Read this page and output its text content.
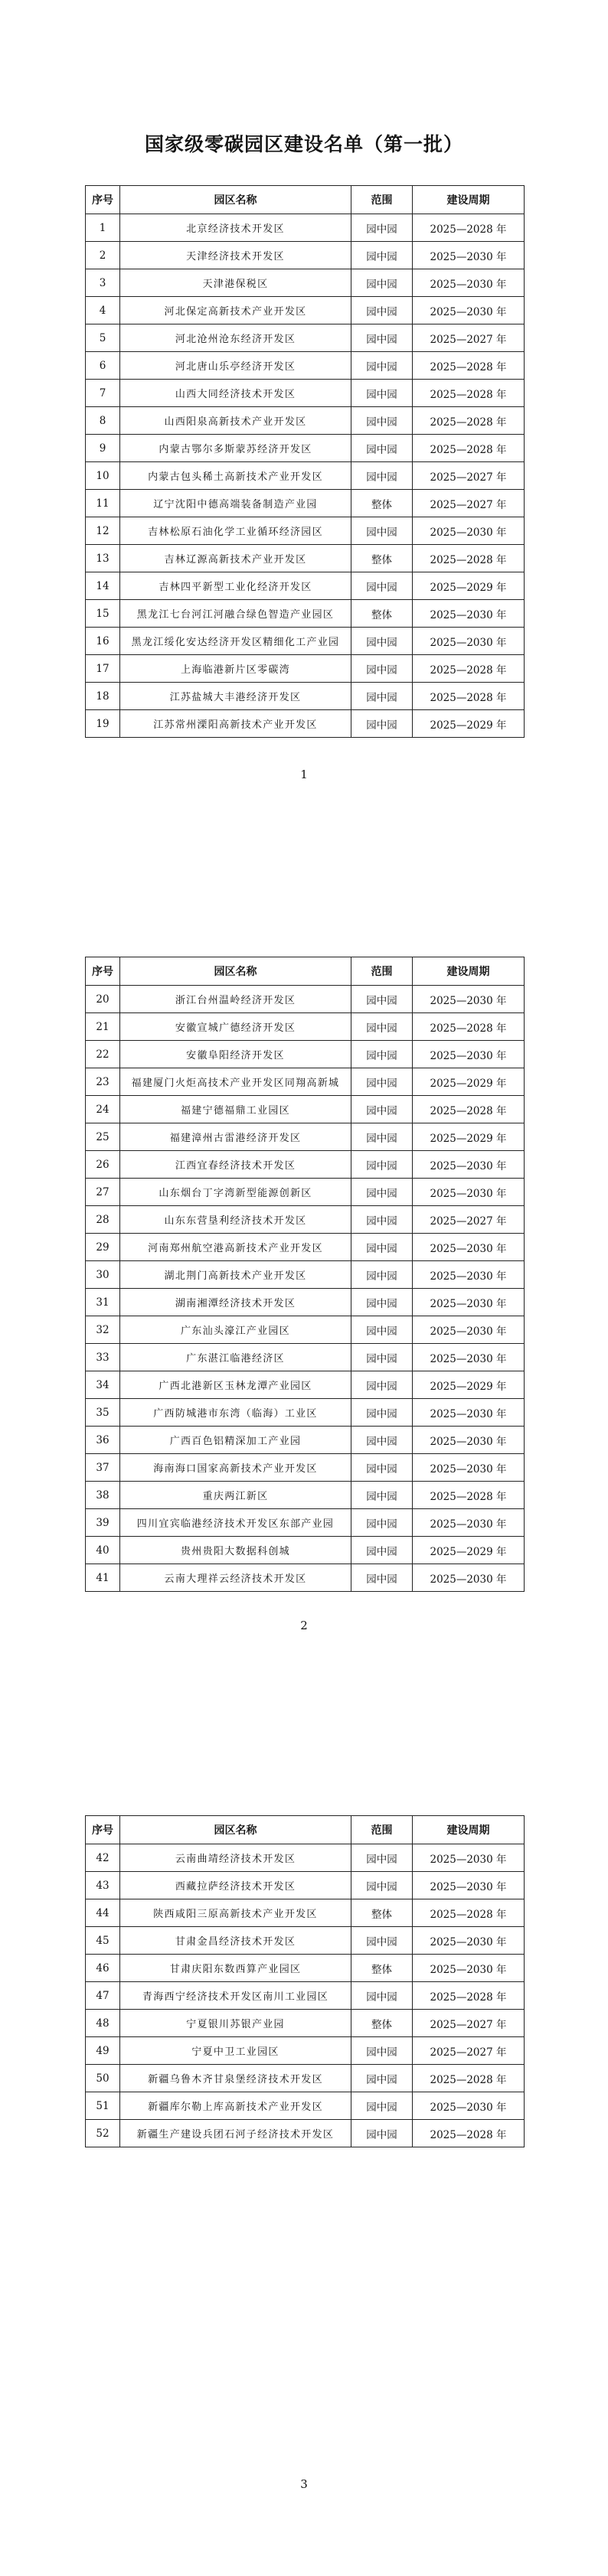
国家级零碳园区建设名单（第一批）
序号	园区名称	范围	建设周期
1	北京经济技术开发区	园中园	2025—2028 年
2	天津经济技术开发区	园中园	2025—2030 年
3	天津港保税区	园中园	2025—2030 年
4	河北保定高新技术产业开发区	园中园	2025—2030 年
5	河北沧州沧东经济开发区	园中园	2025—2027 年
6	河北唐山乐亭经济开发区	园中园	2025—2028 年
7	山西大同经济技术开发区	园中园	2025—2028 年
8	山西阳泉高新技术产业开发区	园中园	2025—2028 年
9	内蒙古鄂尔多斯蒙苏经济开发区	园中园	2025—2028 年
10	内蒙古包头稀土高新技术产业开发区	园中园	2025—2027 年
11	辽宁沈阳中德高端装备制造产业园	整体	2025—2027 年
12	吉林松原石油化学工业循环经济园区	园中园	2025—2030 年
13	吉林辽源高新技术产业开发区	整体	2025—2028 年
14	吉林四平新型工业化经济开发区	园中园	2025—2029 年
15	黑龙江七台河江河融合绿色智造产业园区	整体	2025—2030 年
16	黑龙江绥化安达经济开发区精细化工产业园	园中园	2025—2030 年
17	上海临港新片区零碳湾	园中园	2025—2028 年
18	江苏盐城大丰港经济开发区	园中园	2025—2028 年
19	江苏常州溧阳高新技术产业开发区	园中园	2025—2029 年
1
序号	园区名称	范围	建设周期
20	浙江台州温岭经济开发区	园中园	2025—2030 年
21	安徽宣城广德经济开发区	园中园	2025—2028 年
22	安徽阜阳经济开发区	园中园	2025—2030 年
23	福建厦门火炬高技术产业开发区同翔高新城	园中园	2025—2029 年
24	福建宁德福鼎工业园区	园中园	2025—2028 年
25	福建漳州古雷港经济开发区	园中园	2025—2029 年
26	江西宜春经济技术开发区	园中园	2025—2030 年
27	山东烟台丁字湾新型能源创新区	园中园	2025—2030 年
28	山东东营垦利经济技术开发区	园中园	2025—2027 年
29	河南郑州航空港高新技术产业开发区	园中园	2025—2030 年
30	湖北荆门高新技术产业开发区	园中园	2025—2030 年
31	湖南湘潭经济技术开发区	园中园	2025—2030 年
32	广东汕头濠江产业园区	园中园	2025—2030 年
33	广东湛江临港经济区	园中园	2025—2030 年
34	广西北港新区玉林龙潭产业园区	园中园	2025—2029 年
35	广西防城港市东湾（临海）工业区	园中园	2025—2030 年
36	广西百色铝精深加工产业园	园中园	2025—2030 年
37	海南海口国家高新技术产业开发区	园中园	2025—2030 年
38	重庆两江新区	园中园	2025—2028 年
39	四川宜宾临港经济技术开发区东部产业园	园中园	2025—2030 年
40	贵州贵阳大数据科创城	园中园	2025—2029 年
41	云南大理祥云经济技术开发区	园中园	2025—2030 年
2
序号	园区名称	范围	建设周期
42	云南曲靖经济技术开发区	园中园	2025—2030 年
43	西藏拉萨经济技术开发区	园中园	2025—2030 年
44	陕西咸阳三原高新技术产业开发区	整体	2025—2028 年
45	甘肃金昌经济技术开发区	园中园	2025—2030 年
46	甘肃庆阳东数西算产业园区	整体	2025—2030 年
47	青海西宁经济技术开发区南川工业园区	园中园	2025—2028 年
48	宁夏银川苏银产业园	整体	2025—2027 年
49	宁夏中卫工业园区	园中园	2025—2027 年
50	新疆乌鲁木齐甘泉堡经济技术开发区	园中园	2025—2028 年
51	新疆库尔勒上库高新技术产业开发区	园中园	2025—2030 年
52	新疆生产建设兵团石河子经济技术开发区	园中园	2025—2028 年
3
